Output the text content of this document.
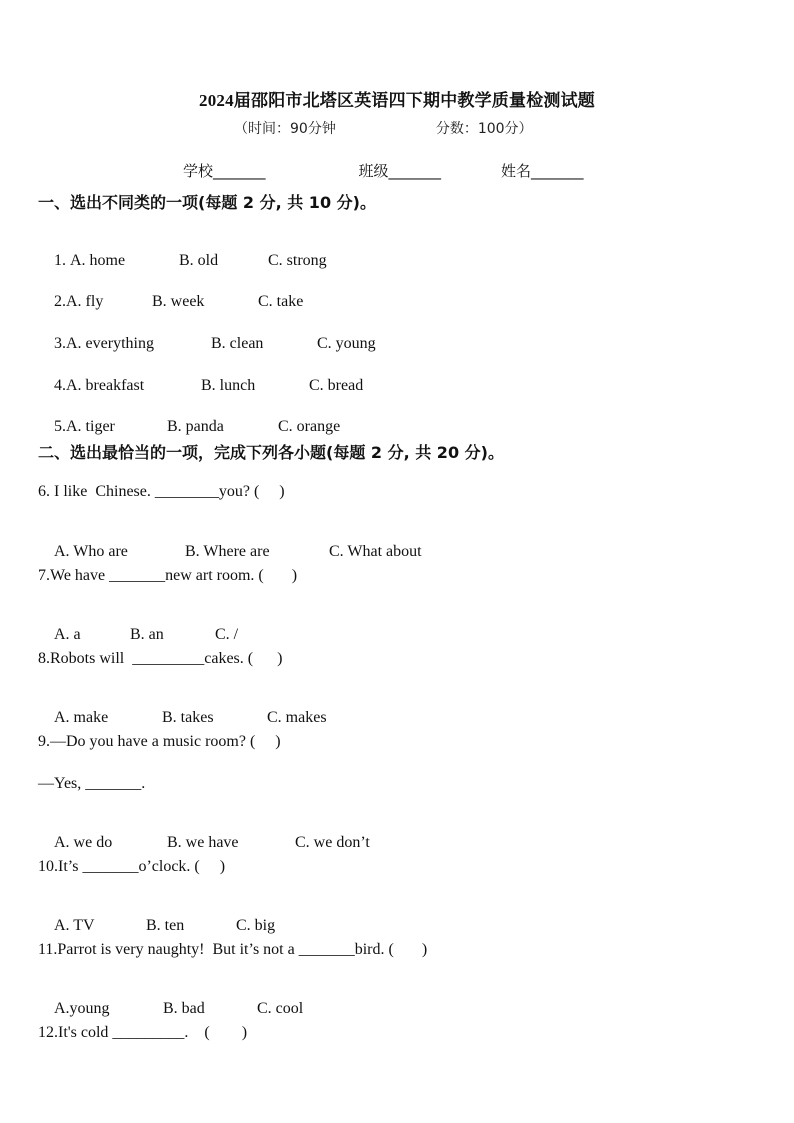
2024届邵阳市北塔区英语四下期中教学质量检测试题
（时间：90分钟	分数：100分）
学校_______	班级_______	姓名_______
一、选出不同类的一项(每题 2 分, 共 10 分)。

1. A. home	B. old	C. strong

2.A. fly	B. week	C. take

3.A. everything	B. clean	C. young

4.A. breakfast	B. lunch	C. bread

5.A. tiger	B. panda	C. orange

二、选出最恰当的一项，完成下列各小题(每题 2 分, 共 20 分)。
6. I like  Chinese. ________you? (     )

A. Who are	B. Where are	C. What about

7.We have _______new art room. (       )

A. a	B. an	C. /

8.Robots will  _________cakes. (      )

A. make	B. takes	C. makes

9.—Do you have a music room? (     )
—Yes, _______.

A. we do	B. we have	C. we don’t

10.It’s _______o’clock. (     )

A. TV	B. ten	C. big

11.Parrot is very naughty!  But it’s not a _______bird. (       )

A.young	B. bad	C. cool

12.It's cold _________.    (        )
